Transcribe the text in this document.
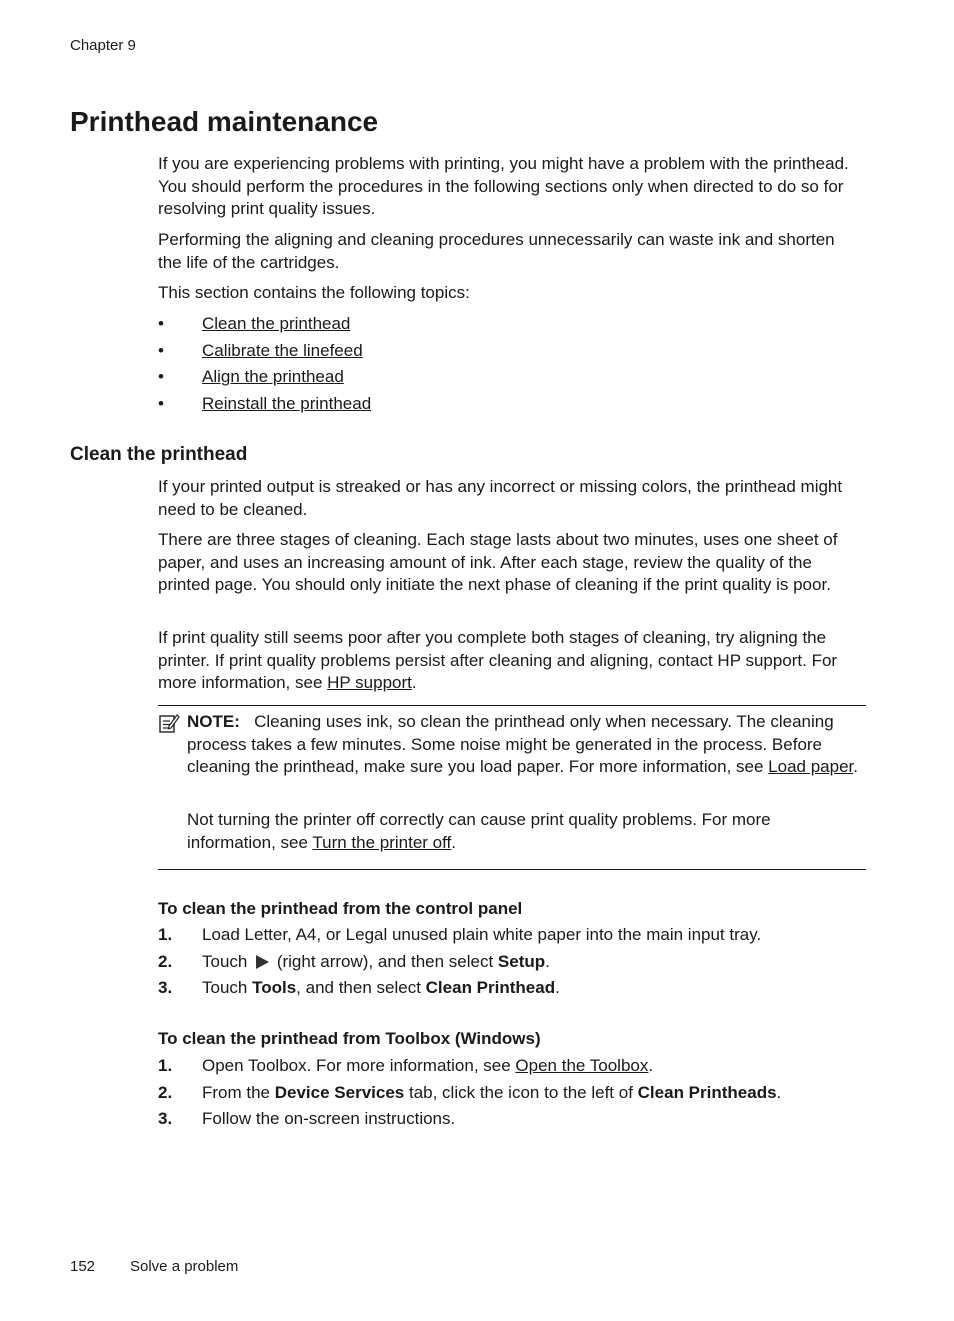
Chapter 9
Printhead maintenance

If you are experiencing problems with printing, you might have a problem with the printhead. You should perform the procedures in the following sections only when directed to do so for resolving print quality issues.

Performing the aligning and cleaning procedures unnecessarily can waste ink and shorten the life of the cartridges.

This section contains the following topics:

• Clean the printhead
• Calibrate the linefeed
• Align the printhead
• Reinstall the printhead
Clean the printhead

If your printed output is streaked or has any incorrect or missing colors, the printhead might need to be cleaned.

There are three stages of cleaning. Each stage lasts about two minutes, uses one sheet of paper, and uses an increasing amount of ink. After each stage, review the quality of the printed page. You should only initiate the next phase of cleaning if the print quality is poor.

If print quality still seems poor after you complete both stages of cleaning, try aligning the printer. If print quality problems persist after cleaning and aligning, contact HP support. For more information, see HP support.

NOTE: Cleaning uses ink, so clean the printhead only when necessary. The cleaning process takes a few minutes. Some noise might be generated in the process. Before cleaning the printhead, make sure you load paper. For more information, see Load paper.

Not turning the printer off correctly can cause print quality problems. For more information, see Turn the printer off.

To clean the printhead from the control panel
1. Load Letter, A4, or Legal unused plain white paper into the main input tray.
2. Touch  (right arrow), and then select Setup.
3. Touch Tools, and then select Clean Printhead.
To clean the printhead from Toolbox (Windows)
1. Open Toolbox. For more information, see Open the Toolbox.
2. From the Device Services tab, click the icon to the left of Clean Printheads.
3. Follow the on-screen instructions.
152 Solve a problem
